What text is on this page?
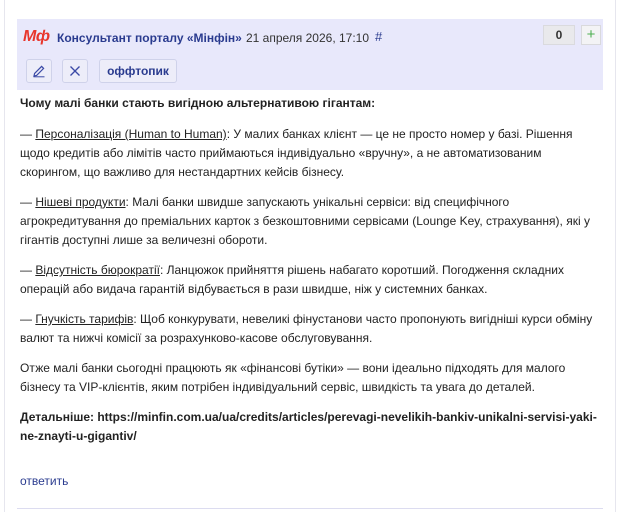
Мф Консультант порталу «Мінфін» 21 апреля 2026, 17:10 #	0	+
оффтопик

Чому малі банки стають вигідною альтернативою гігантам:

— Персоналізація (Human to Human): У малих банках клієнт — це не просто номер у базі. Рішення щодо кредитів або лімітів часто приймаються індивідуально «вручну», а не автоматизованим скорингом, що важливо для нестандартних кейсів бізнесу.

— Нішеві продукти: Малі банки швидше запускають унікальні сервіси: від специфічного агрокредитування до преміальних карток з безкоштовними сервісами (Lounge Key, страхування), які у гігантів доступні лише за величезні обороти.

— Відсутність бюрократії: Ланцюжок прийняття рішень набагато коротший. Погодження складних операцій або видача гарантій відбувається в рази швидше, ніж у системних банках.

— Гнучкість тарифів: Щоб конкурувати, невеликі фінустанови часто пропонують вигідніші курси обміну валют та нижчі комісії за розрахунково-касове обслуговування.

Отже малі банки сьогодні працюють як «фінансові бутіки» — вони ідеально підходять для малого бізнесу та VIP-клієнтів, яким потрібен індивідуальний сервіс, швидкість та увага до деталей.

Детальніше: https://minfin.com.ua/ua/credits/articles/perevagi-nevelikih-bankiv-unikalni-servisi-yaki-ne-znayti-u-gigantiv/

ответить
